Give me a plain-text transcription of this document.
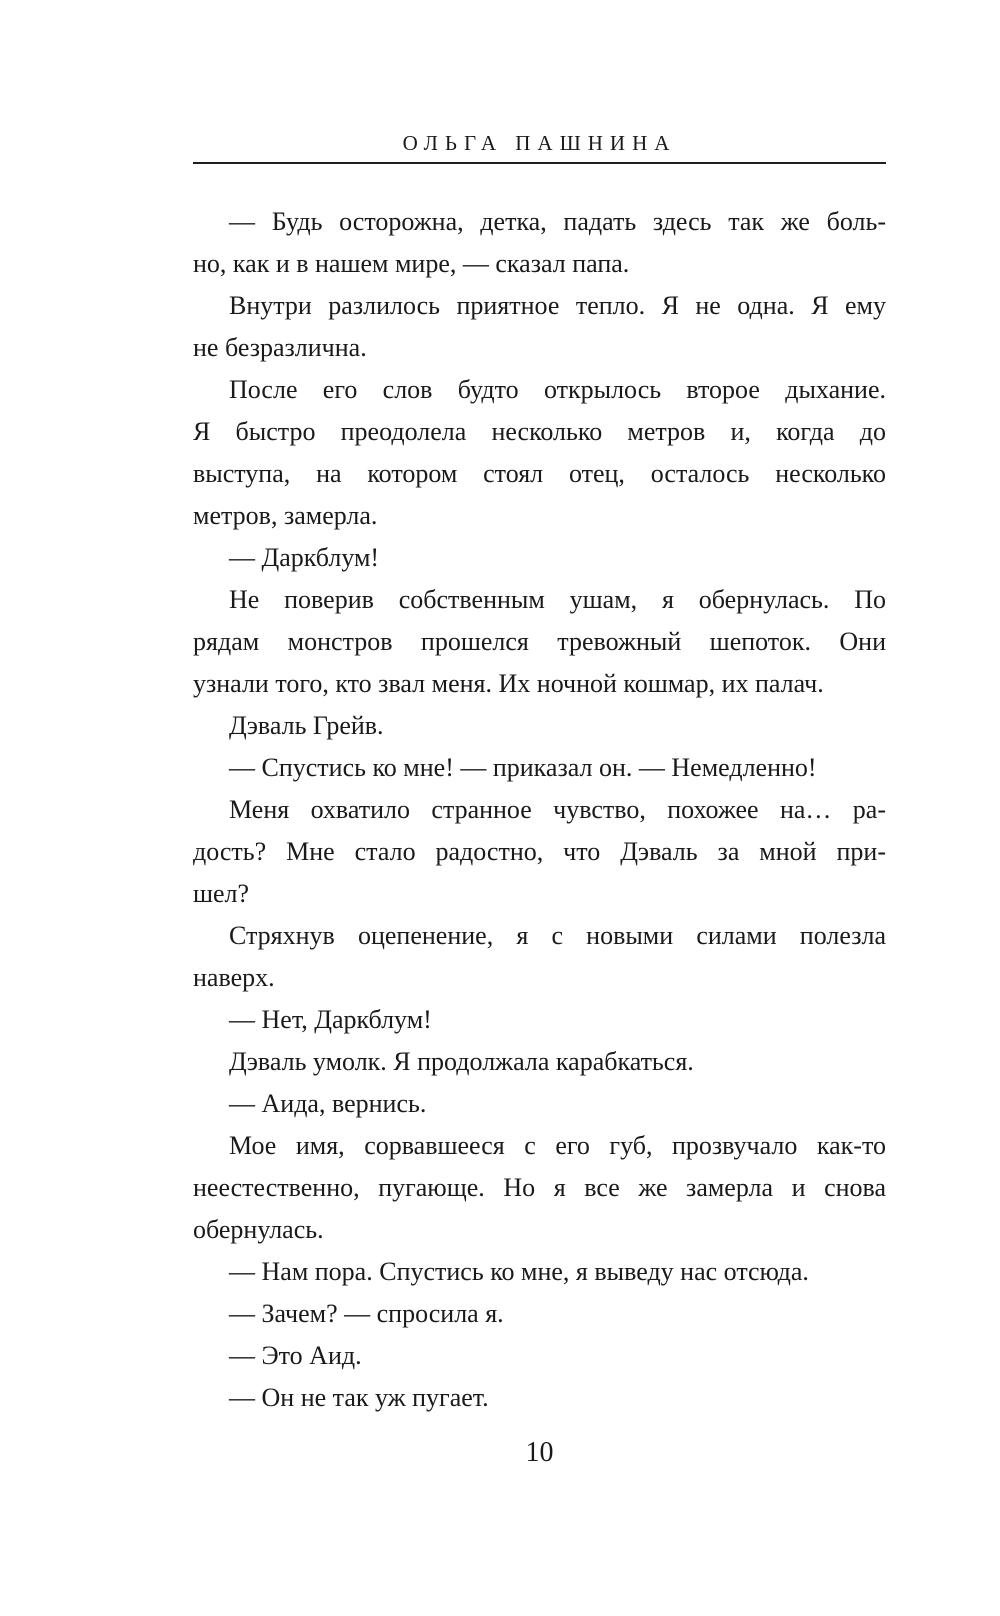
ОЛЬГА ПАШНИНА
— Будь осторожна, детка, падать здесь так же боль-
но, как и в нашем мире, — сказал папа.
Внутри разлилось приятное тепло. Я не одна. Я ему
не безразлична.
После его слов будто открылось второе дыхание.
Я быстро преодолела несколько метров и, когда до
выступа, на котором стоял отец, осталось несколько
метров, замерла.
— Даркблум!
Не поверив собственным ушам, я обернулась. По
рядам монстров прошелся тревожный шепоток. Они
узнали того, кто звал меня. Их ночной кошмар, их палач.
Дэваль Грейв.
— Спустись ко мне! — приказал он. — Немедленно!
Меня охватило странное чувство, похожее на… ра-
дость? Мне стало радостно, что Дэваль за мной при-
шел?
Стряхнув оцепенение, я с новыми силами полезла
наверх.
— Нет, Даркблум!
Дэваль умолк. Я продолжала карабкаться.
— Аида, вернись.
Мое имя, сорвавшееся с его губ, прозвучало как-то
неестественно, пугающе. Но я все же замерла и снова
обернулась.
— Нам пора. Спустись ко мне, я выведу нас отсюда.
— Зачем? — спросила я.
— Это Аид.
— Он не так уж пугает.
10
